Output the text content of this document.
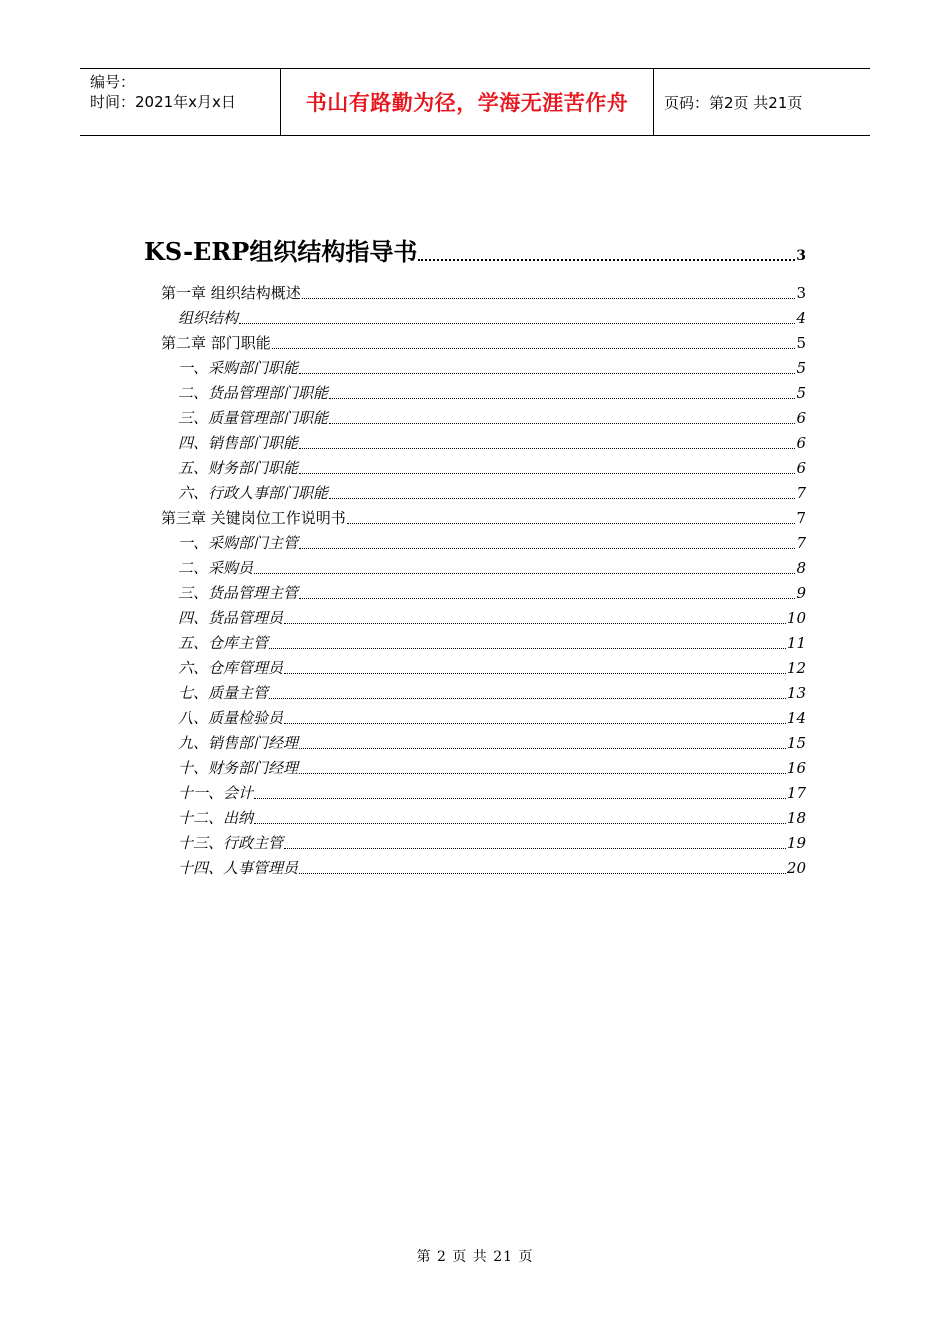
编号：
时间：2021年x月x日	书山有路勤为径，学海无涯苦作舟	页码：第2页 共21页
KS-ERP组织结构指导书	3
第一章 组织结构概述	3
组织结构	4
第二章 部门职能	5
一、采购部门职能	5
二、货品管理部门职能	5
三、质量管理部门职能	6
四、销售部门职能	6
五、财务部门职能	6
六、行政人事部门职能	7
第三章 关键岗位工作说明书	7
一、采购部门主管	7
二、采购员	8
三、货品管理主管	9
四、货品管理员	10
五、仓库主管	11
六、仓库管理员	12
七、质量主管	13
八、质量检验员	14
九、销售部门经理	15
十、财务部门经理	16
十一、会计	17
十二、出纳	18
十三、行政主管	19
十四、人事管理员	20
第 2 页 共 21 页
